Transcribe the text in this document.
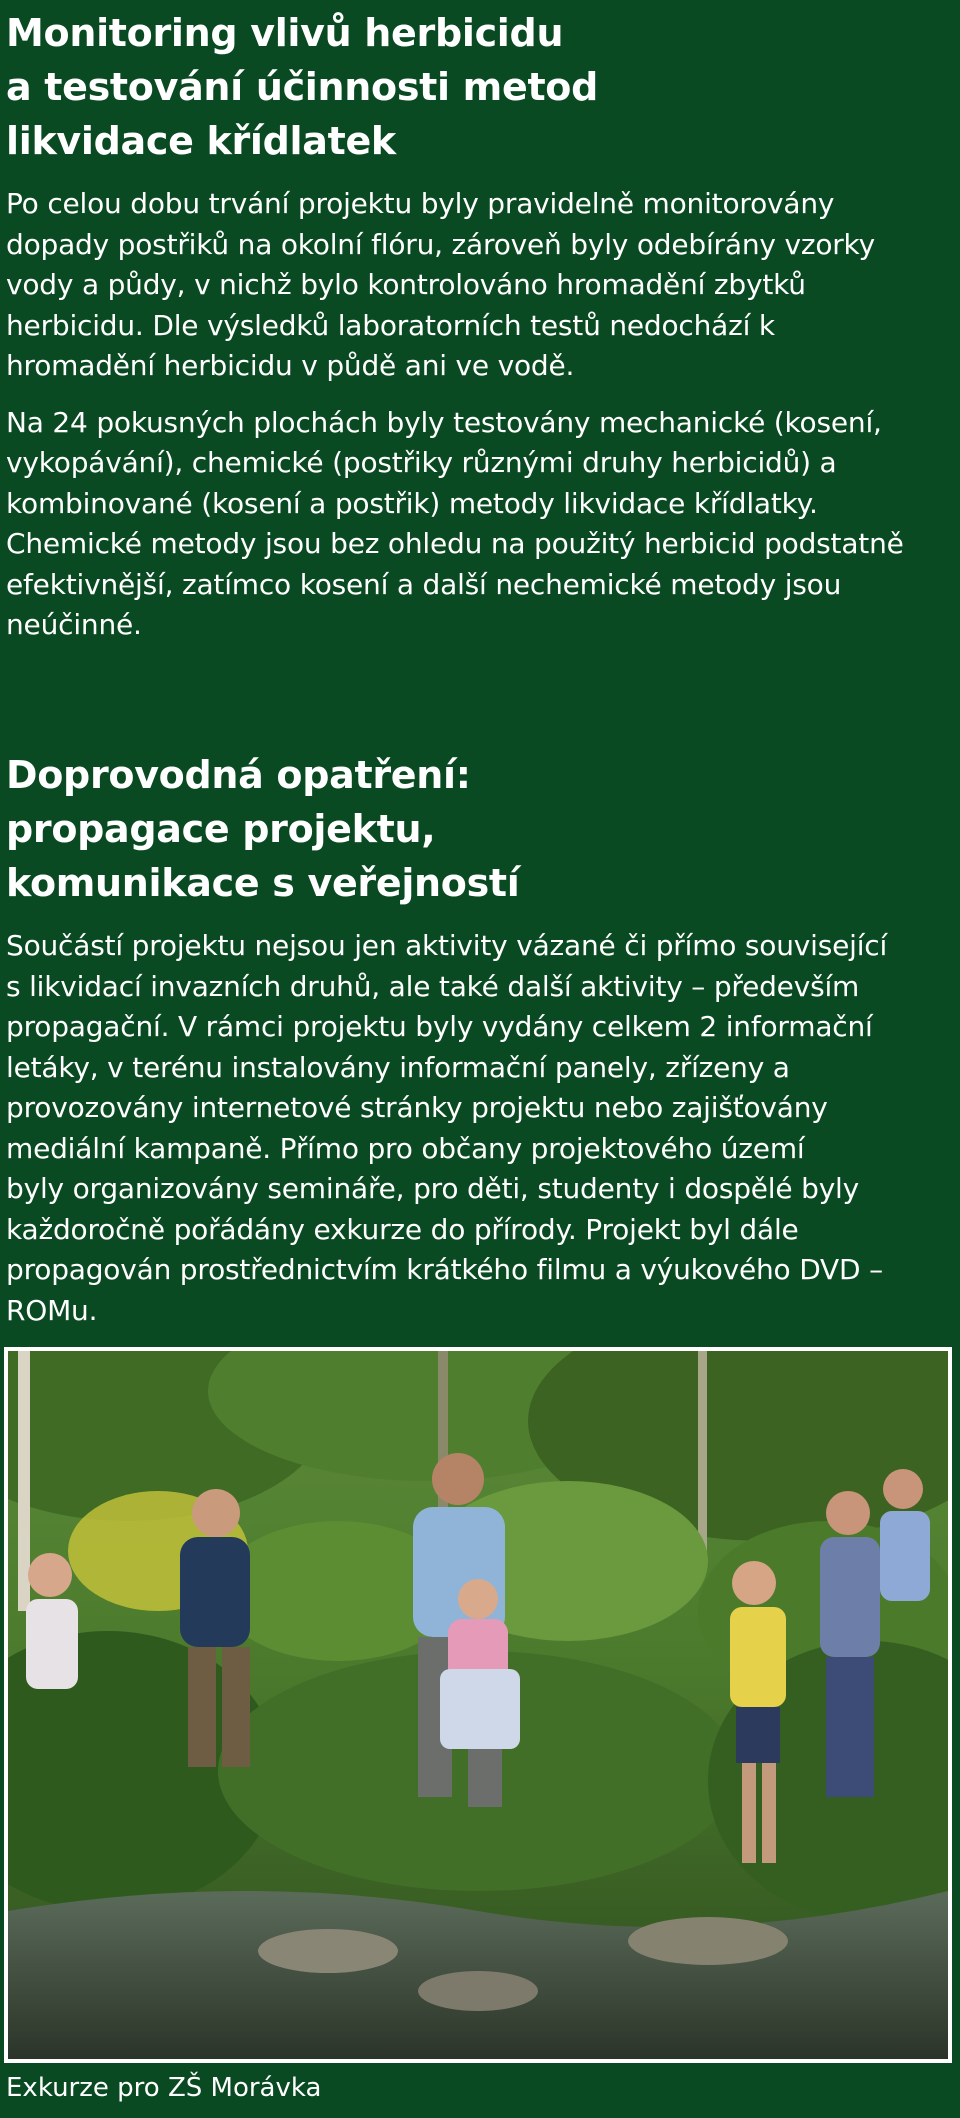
Monitoring vlivů herbicidu
a testování účinnosti metod
likvidace křídlatek

Po celou dobu trvání projektu byly pravidelně monitorovány
dopady postřiků na okolní flóru, zároveň byly odebírány vzorky
vody a půdy, v nichž bylo kontrolováno hromadění zbytků
herbicidu. Dle výsledků laboratorních testů nedochází k
hromadění herbicidu v půdě ani ve vodě.

Na 24 pokusných plochách byly testovány mechanické (kosení,
vykopávání), chemické (postřiky různými druhy herbicidů) a
kombinované (kosení a postřik) metody likvidace křídlatky.
Chemické metody jsou bez ohledu na použitý herbicid podstatně
efektivnější, zatímco kosení a další nechemické metody jsou
neúčinné.

Doprovodná opatření:
propagace projektu,
komunikace s veřejností

Součástí projektu nejsou jen aktivity vázané či přímo související
s likvidací invazních druhů, ale také další aktivity – především
propagační. V rámci projektu byly vydány celkem 2 informační
letáky, v terénu instalovány informační panely, zřízeny a
provozovány internetové stránky projektu nebo zajišťovány
mediální kampaně. Přímo pro občany projektového území
byly organizovány semináře, pro děti, studenty i dospělé byly
každoročně pořádány exkurze do přírody. Projekt byl dále
propagován prostřednictvím krátkého filmu a výukového DVD –
ROMu.

Exkurze pro ZŠ Morávka
